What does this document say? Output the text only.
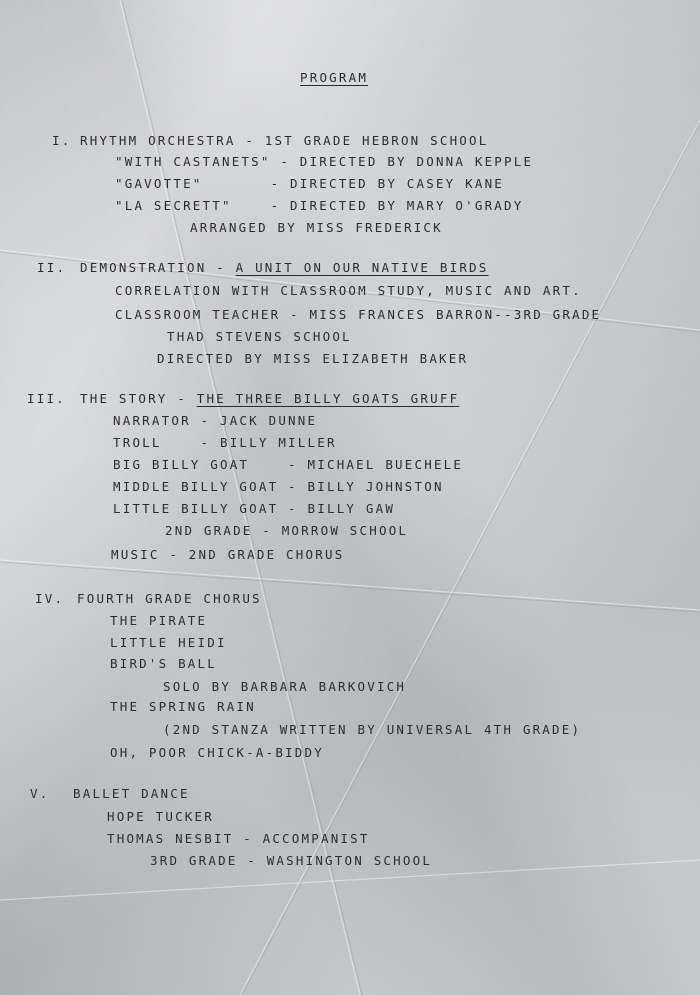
PROGRAM
I. RHYTHM ORCHESTRA - 1ST GRADE HEBRON SCHOOL
"WITH CASTANETS" - DIRECTED BY DONNA KEPPLE
"GAVOTTE"       - DIRECTED BY CASEY KANE
"LA SECRETT"    - DIRECTED BY MARY O'GRADY
ARRANGED BY MISS FREDERICK
II. DEMONSTRATION - A UNIT ON OUR NATIVE BIRDS
CORRELATION WITH CLASSROOM STUDY, MUSIC AND ART.
CLASSROOM TEACHER - MISS FRANCES BARRON--3RD GRADE
THAD STEVENS SCHOOL
DIRECTED BY MISS ELIZABETH BAKER
III. THE STORY - THE THREE BILLY GOATS GRUFF
NARRATOR - JACK DUNNE
TROLL    - BILLY MILLER
BIG BILLY GOAT    - MICHAEL BUECHELE
MIDDLE BILLY GOAT - BILLY JOHNSTON
LITTLE BILLY GOAT - BILLY GAW
2ND GRADE - MORROW SCHOOL
MUSIC - 2ND GRADE CHORUS
IV. FOURTH GRADE CHORUS
THE PIRATE
LITTLE HEIDI
BIRD'S BALL
SOLO BY BARBARA BARKOVICH
THE SPRING RAIN
(2ND STANZA WRITTEN BY UNIVERSAL 4TH GRADE)
OH, POOR CHICK-A-BIDDY
V. BALLET DANCE
HOPE TUCKER
THOMAS NESBIT - ACCOMPANIST
3RD GRADE - WASHINGTON SCHOOL
